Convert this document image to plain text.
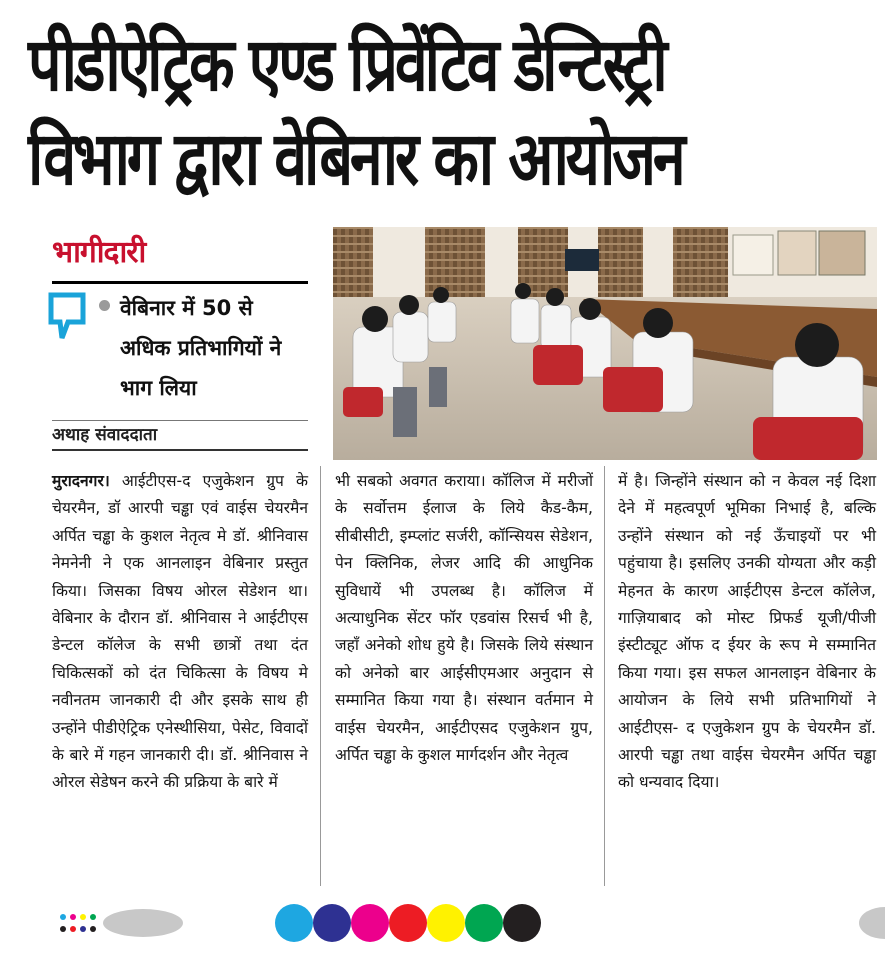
पीडीऐट्रिक एण्ड प्रिवेंटिव डेन्टिस्ट्री
विभाग द्वारा वेबिनार का आयोजन
भागीदारी
वेबिनार में 50 से अधिक प्रतिभागियों ने भाग लिया
अथाह संवाददाता
मुरादनगर। आईटीएस-द एजुकेशन ग्रुप के चेयरमैन, डॉ आरपी चड्ढा एवं वाईस चेयरमैन अर्पित चड्ढा के कुशल नेतृत्व मे डॉ. श्रीनिवास नेमनेनी ने एक आनलाइन वेबिनार प्रस्तुत किया। जिसका विषय ओरल सेडेशन था। वेबिनार के दौरान डॉ. श्रीनिवास ने आईटीएस डेन्टल कॉलेज के सभी छात्रों तथा दंत चिकित्सकों को दंत चिकित्सा के विषय मे नवीनतम जानकारी दी और इसके साथ ही उन्होंने पीडीऐट्रिक एनेस्थीसिया, पेसेट, विवादों के बारे में गहन जानकारी दी। डॉ. श्रीनिवास ने ओरल सेडेषन करने की प्रक्रिया के बारे में
भी सबको अवगत कराया। कॉलिज में मरीजों के सर्वोत्तम ईलाज के लिये कैड-कैम, सीबीसीटी, इम्प्लांट सर्जरी, कॉन्सियस सेडेशन, पेन क्लिनिक, लेजर आदि की आधुनिक सुविधायें भी उपलब्ध है। कॉलिज में अत्याधुनिक सेंटर फॉर एडवांस रिसर्च भी है, जहाँ अनेको शोध हुये है। जिसके लिये संस्थान को अनेको बार आईसीएमआर अनुदान से सम्मानित किया गया है। संस्थान वर्तमान मे वाईस चेयरमैन, आईटीएसद एजुकेशन ग्रुप, अर्पित चड्ढा के कुशल मार्गदर्शन और नेतृत्व
में है। जिन्होंने संस्थान को न केवल नई दिशा देने में महत्वपूर्ण भूमिका निभाई है, बल्कि उन्होंने संस्थान को नई ऊँचाइयों पर भी पहुंचाया है। इसलिए उनकी योग्यता और कड़ी मेहनत के कारण आईटीएस डेन्टल कॉलेज, गाज़ियाबाद को मोस्ट प्रिफर्ड यूजी/पीजी इंस्टीट्यूट ऑफ द ईयर के रूप मे सम्मानित किया गया। इस सफल आनलाइन वेबिनार के आयोजन के लिये सभी प्रतिभागियों ने आईटीएस- द एजुकेशन ग्रुप के चेयरमैन डॉ. आरपी चड्ढा तथा वाईस चेयरमैन अर्पित चड्ढा को धन्यवाद दिया।
